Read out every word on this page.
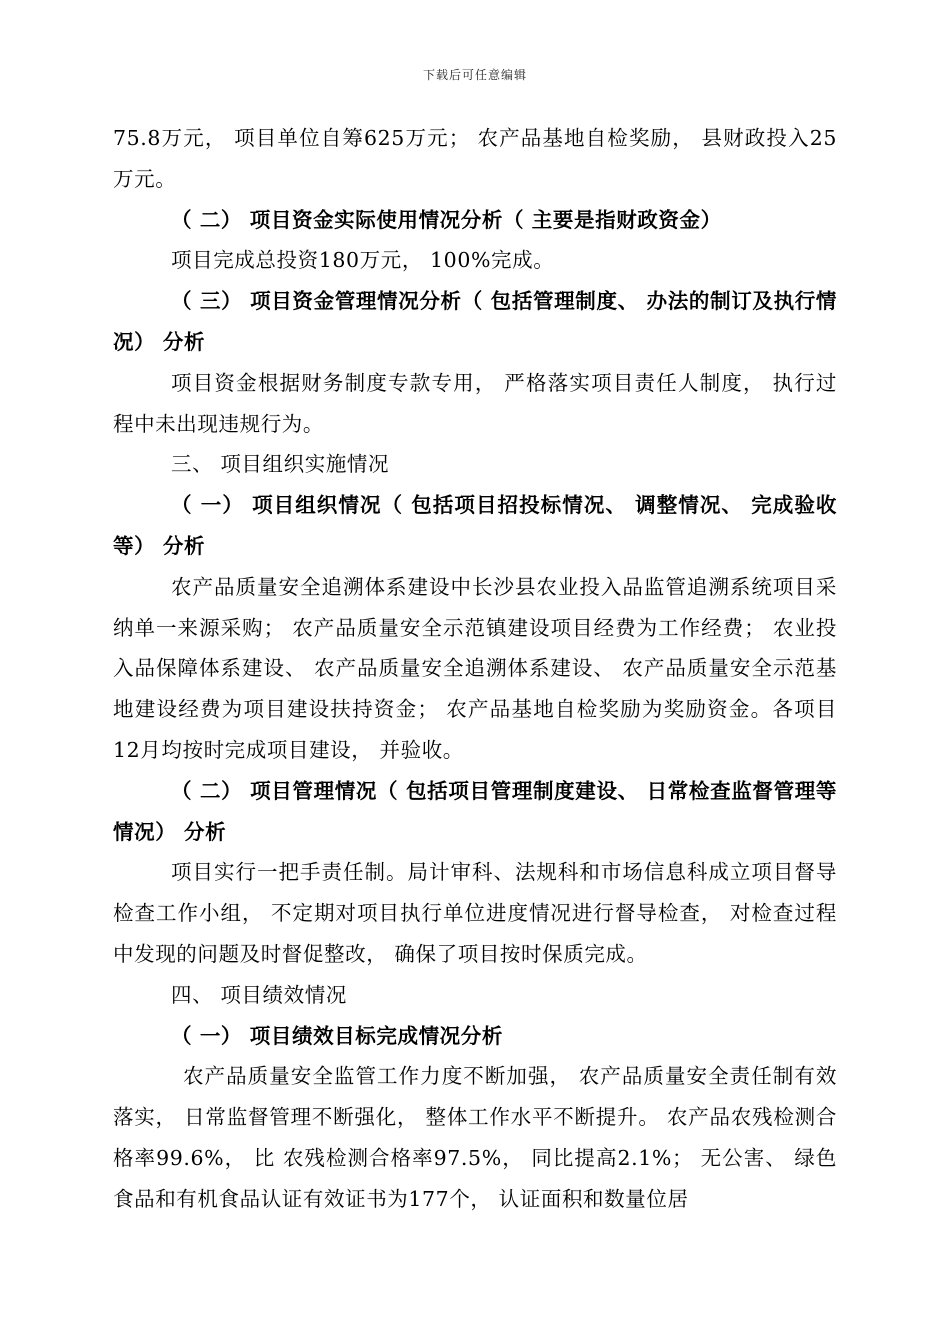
下载后可任意编辑

75.8万元， 项目单位自筹625万元； 农产品基地自检奖励， 县财政投入25万元。

（ 二） 项目资金实际使用情况分析（ 主要是指财政资金）

项目完成总投资180万元， 100%完成。

（ 三） 项目资金管理情况分析（ 包括管理制度、 办法的制订及执行情况） 分析

项目资金根据财务制度专款专用， 严格落实项目责任人制度， 执行过程中未出现违规行为。

三、 项目组织实施情况

（ 一） 项目组织情况（ 包括项目招投标情况、 调整情况、 完成验收等） 分析

农产品质量安全追溯体系建设中长沙县农业投入品监管追溯系统项目采纳单一来源采购； 农产品质量安全示范镇建设项目经费为工作经费； 农业投入品保障体系建设、 农产品质量安全追溯体系建设、 农产品质量安全示范基地建设经费为项目建设扶持资金； 农产品基地自检奖励为奖励资金。各项目 12月均按时完成项目建设， 并验收。

（ 二） 项目管理情况（ 包括项目管理制度建设、 日常检查监督管理等情况） 分析

项目实行一把手责任制。局计审科、法规科和市场信息科成立项目督导检查工作小组， 不定期对项目执行单位进度情况进行督导检查， 对检查过程中发现的问题及时督促整改， 确保了项目按时保质完成。

四、 项目绩效情况

（ 一） 项目绩效目标完成情况分析

农产品质量安全监管工作力度不断加强， 农产品质量安全责任制有效落实， 日常监督管理不断强化， 整体工作水平不断提升。 农产品农残检测合格率99.6%， 比 农残检测合格率97.5%， 同比提高2.1%； 无公害、 绿色食品和有机食品认证有效证书为177个， 认证面积和数量位居
